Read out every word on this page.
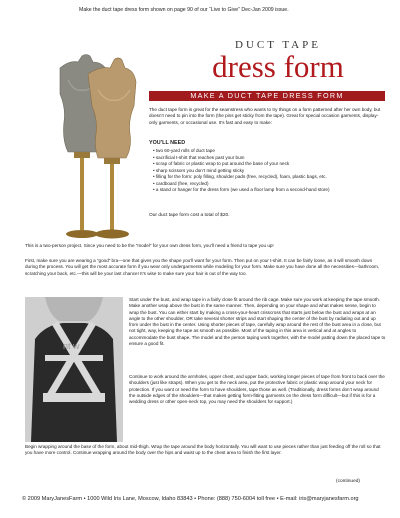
Make the duct tape dress form shown on page 90 of our “Live to Give” Dec-Jan 2009 issue.
DUCT TAPE
dress form
MAKE A DUCT TAPE DRESS FORM
The duct tape form is great for the seamstress who wants to try things on a form patterned after her own body, but doesn’t need to pin into the form (the pins get sticky from the tape). Great for special occasion garments, display-only garments, or occasional use. It’s fast and easy to make:
YOU’LL NEED
• two 60-yard rolls of duct tape
• sacrificial t-shirt that reaches past your bum
• scrap of fabric or plastic wrap to put around the base of your neck
• sharp scissors you don’t mind getting sticky
• filling for the form: poly filling, shoulder pads (free, recycled), foam, plastic bags, etc.
• cardboard (free, recycled)
• a stand or hanger for the dress form (we used a floor lamp from a second-hand store)
Our duct tape form cost a total of $20.
This is a two-person project. Since you need to be the “model” for your own dress form, you’ll need a friend to tape you up!
First, make sure you are wearing a “good” bra—one that gives you the shape you’ll want for your form. Then put on your t-shirt. It can be fairly loose, as it will smooth down during the process. You will get the most accurate form if you wear only undergarments while modeling for your form. Make sure you have done all the necessities—bathroom, scratching your back, etc.—this will be your last chance! It’s wise to make sure your hair is out of the way too.
nt w
Start under the bust, and wrap tape in a fairly close fit around the rib cage. Make sure you work at keeping the tape smooth. Make another wrap above the bust in the same manner. Then, depending on your shape and what makes sense, begin to wrap the bust. You can either start by making a cross-your-heart crisscross that starts just below the bust and wraps at an angle to the other shoulder, OR take several shorter strips and start shaping the center of the bust by radiating out and up from under the bust in the center. Using shorter pieces of tape, carefully wrap around the rest of the bust area in a close, but not tight, way, keeping the tape as smooth as possible. Most of the taping in this area is vertical and at angles to accommodate the bust shape. The model and the person taping work together, with the model patting down the placed tape to ensure a good fit.
Continue to work around the armholes, upper chest, and upper back, working longer pieces of tape from front to back over the shoulders (just like straps). When you get to the neck area, put the protective fabric or plastic wrap around your neck for protection. If you want or need the form to have shoulders, tape those as well. (Traditionally, dress forms don’t wrap around the outside edges of the shoulders—that makes getting form-fitting garments on the dress form difficult—but if this is for a wedding dress or other open-neck top, you may need the shoulders for support.)
Begin wrapping around the base of the form, about mid-thigh. Wrap the tape around the body horizontally. You will want to use pieces rather than just feeding off the roll so that you have more control. Continue wrapping around the body over the hips and waist up to the chest area to finish the first layer.
(continued)
© 2009 MaryJanesFarm • 1000 Wild Iris Lane, Moscow, Idaho 83843 • Phone: (888) 750-6004 toll free • E-mail: iris@maryjanesfarm.org
